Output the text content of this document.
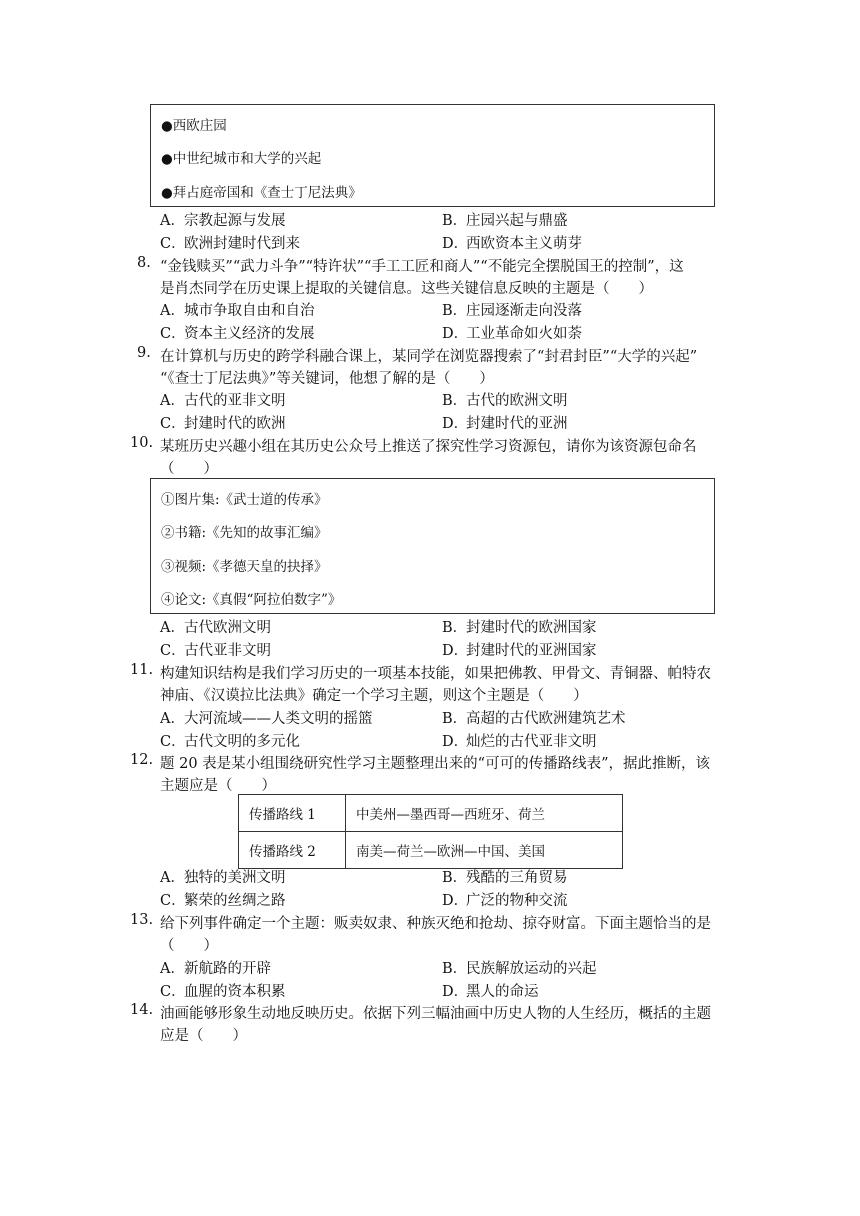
●西欧庄园
●中世纪城市和大学的兴起
●拜占庭帝国和《查士丁尼法典》
A．宗教起源与发展	B．庄园兴起与鼎盛
C．欧洲封建时代到来	D．西欧资本主义萌芽
8. “金钱赎买”“武力斗争”“特许状”“手工工匠和商人”“不能完全摆脱国王的控制”，这
是肖杰同学在历史课上提取的关键信息。这些关键信息反映的主题是（　　）
A．城市争取自由和自治	B．庄园逐渐走向没落
C．资本主义经济的发展	D．工业革命如火如荼
9. 在计算机与历史的跨学科融合课上，某同学在浏览器搜索了“封君封臣”“大学的兴起”
“《查士丁尼法典》”等关键词，他想了解的是（　　）
A．古代的亚非文明	B．古代的欧洲文明
C．封建时代的欧洲	D．封建时代的亚洲
10. 某班历史兴趣小组在其历史公众号上推送了探究性学习资源包，请你为该资源包命名
（　　）
①图片集:《武士道的传承》
②书籍:《先知的故事汇编》
③视频:《孝德天皇的抉择》
④论文:《真假“阿拉伯数字”》
A．古代欧洲文明	B．封建时代的欧洲国家
C．古代亚非文明	D．封建时代的亚洲国家
11. 构建知识结构是我们学习历史的一项基本技能，如果把佛教、甲骨文、青铜器、帕特农
神庙、《汉谟拉比法典》确定一个学习主题，则这个主题是（　　）
A．大河流域——人类文明的摇篮	B．高超的古代欧洲建筑艺术
C．古代文明的多元化	D．灿烂的古代亚非文明
12. 题 20 表是某小组围绕研究性学习主题整理出来的“可可的传播路线表”，据此推断，该
主题应是（　　）
传播路线 1	中美州—墨西哥—西班牙、荷兰
传播路线 2	南美—荷兰—欧洲—中国、美国
A．独特的美洲文明	B．残酷的三角贸易
C．繁荣的丝绸之路	D．广泛的物种交流
13. 给下列事件确定一个主题：贩卖奴隶、种族灭绝和抢劫、掠夺财富。下面主题恰当的是
（　　）
A．新航路的开辟	B．民族解放运动的兴起
C．血腥的资本积累	D．黑人的命运
14. 油画能够形象生动地反映历史。依据下列三幅油画中历史人物的人生经历，概括的主题
应是（　　）
